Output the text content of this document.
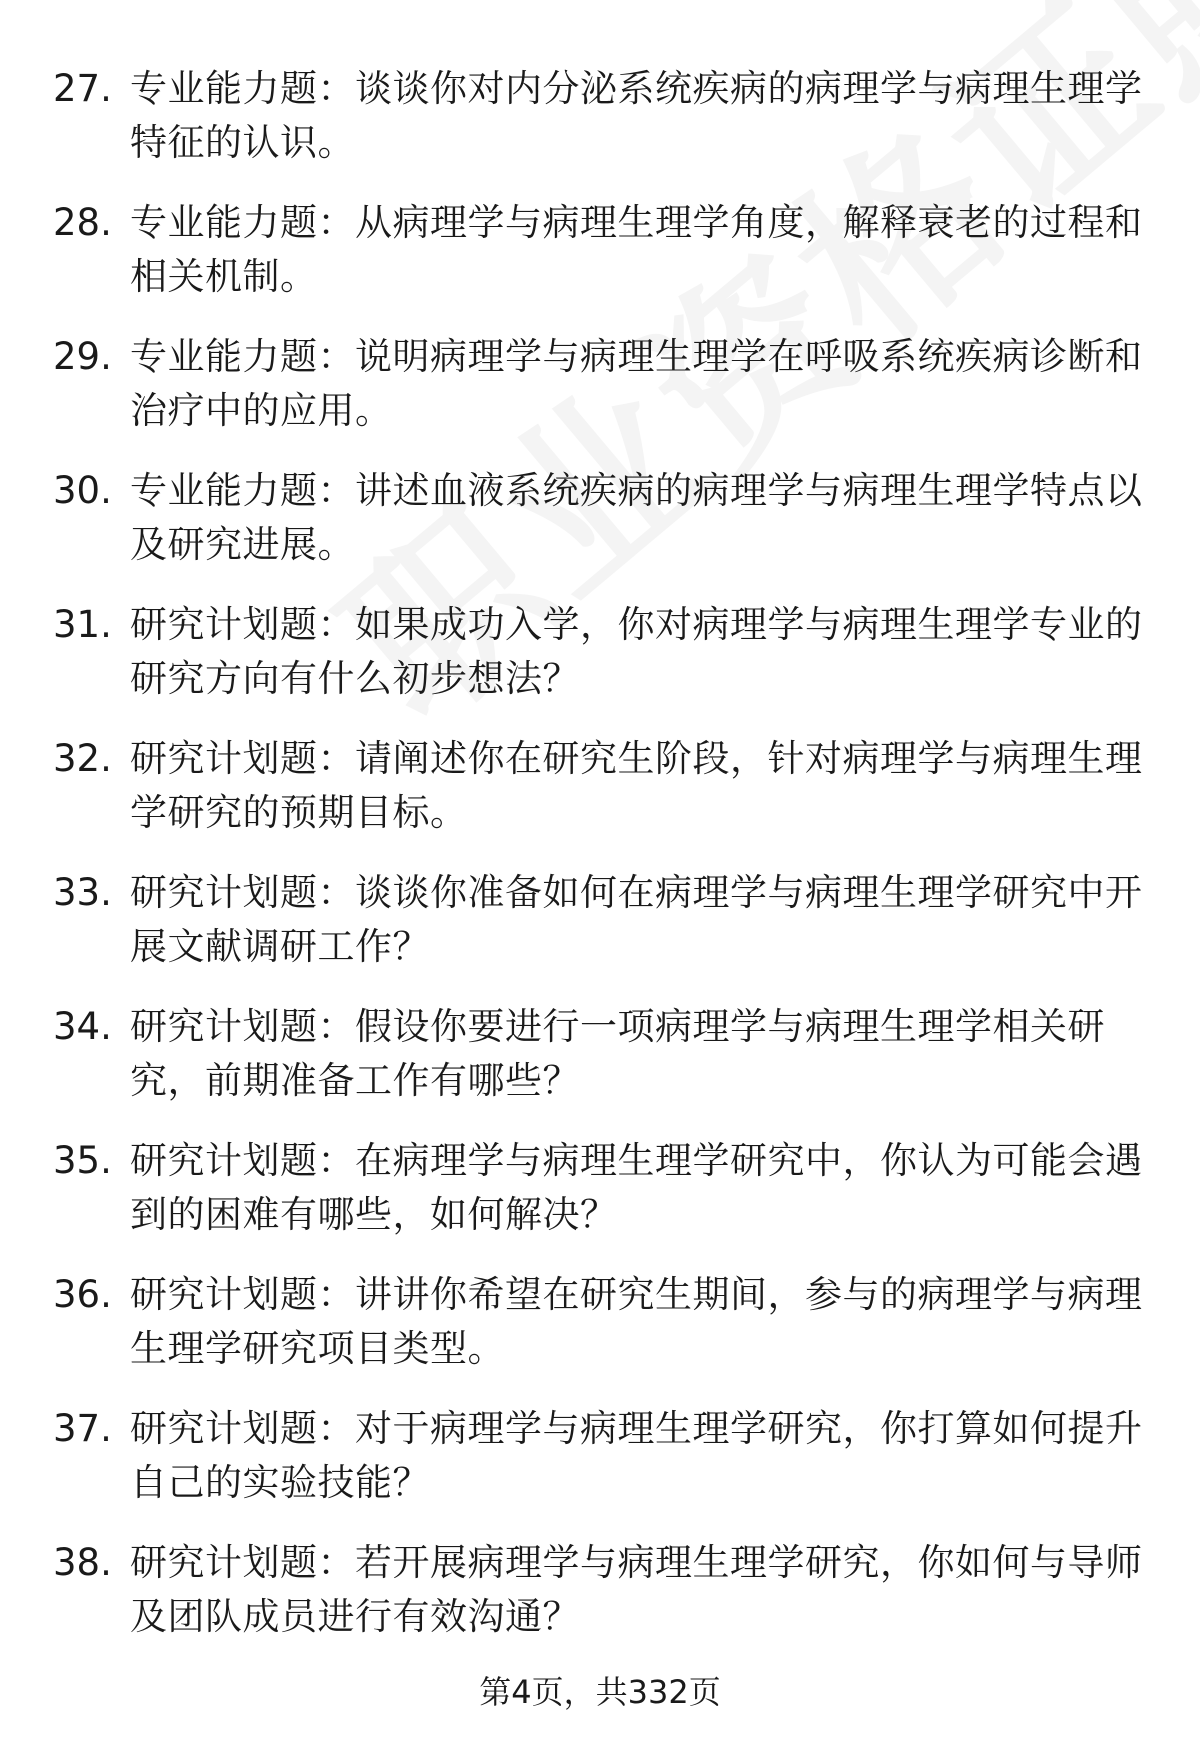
27. 专业能力题：谈谈你对内分泌系统疾病的病理学与病理生理学特征的认识。
28. 专业能力题：从病理学与病理生理学角度，解释衰老的过程和相关机制。
29. 专业能力题：说明病理学与病理生理学在呼吸系统疾病诊断和治疗中的应用。
30. 专业能力题：讲述血液系统疾病的病理学与病理生理学特点以及研究进展。
31. 研究计划题：如果成功入学，你对病理学与病理生理学专业的研究方向有什么初步想法？
32. 研究计划题：请阐述你在研究生阶段，针对病理学与病理生理学研究的预期目标。
33. 研究计划题：谈谈你准备如何在病理学与病理生理学研究中开展文献调研工作？
34. 研究计划题：假设你要进行一项病理学与病理生理学相关研究，前期准备工作有哪些？
35. 研究计划题：在病理学与病理生理学研究中，你认为可能会遇到的困难有哪些，如何解决？
36. 研究计划题：讲讲你希望在研究生期间，参与的病理学与病理生理学研究项目类型。
37. 研究计划题：对于病理学与病理生理学研究，你打算如何提升自己的实验技能？
38. 研究计划题：若开展病理学与病理生理学研究，你如何与导师及团队成员进行有效沟通？
第4页，共332页
